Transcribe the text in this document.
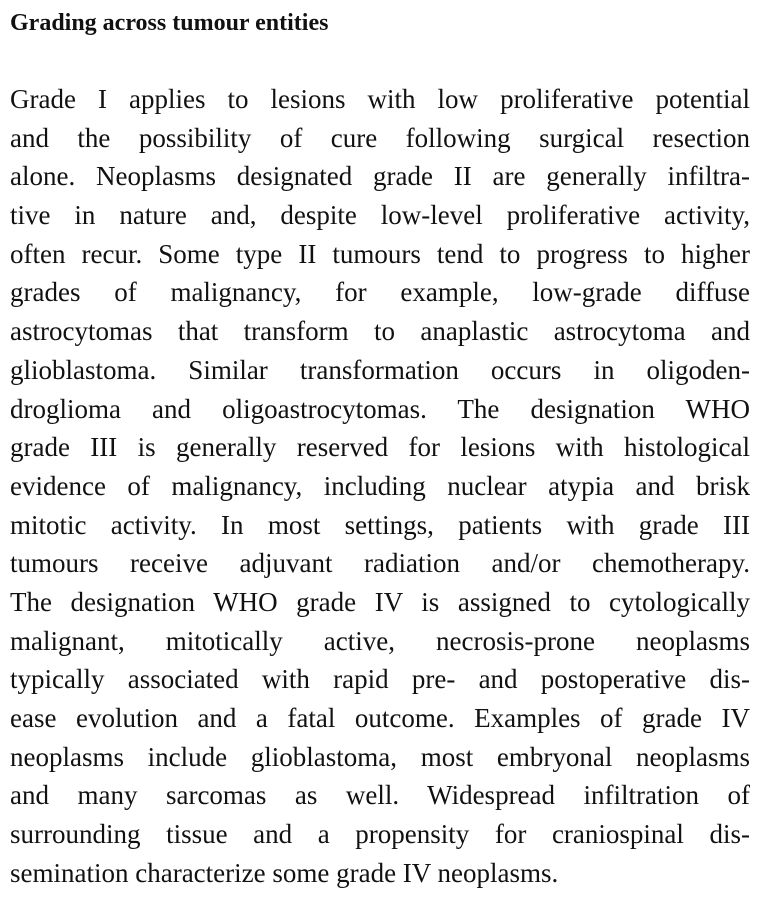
Grading across tumour entities
Grade I applies to lesions with low proliferative potential
and the possibility of cure following surgical resection
alone. Neoplasms designated grade II are generally infiltra-
tive in nature and, despite low-level proliferative activity,
often recur. Some type II tumours tend to progress to higher
grades of malignancy, for example, low-grade diffuse
astrocytomas that transform to anaplastic astrocytoma and
glioblastoma. Similar transformation occurs in oligoden-
droglioma and oligoastrocytomas. The designation WHO
grade III is generally reserved for lesions with histological
evidence of malignancy, including nuclear atypia and brisk
mitotic activity. In most settings, patients with grade III
tumours receive adjuvant radiation and/or chemotherapy.
The designation WHO grade IV is assigned to cytologically
malignant, mitotically active, necrosis-prone neoplasms
typically associated with rapid pre- and postoperative dis-
ease evolution and a fatal outcome. Examples of grade IV
neoplasms include glioblastoma, most embryonal neoplasms
and many sarcomas as well. Widespread infiltration of
surrounding tissue and a propensity for craniospinal dis-
semination characterize some grade IV neoplasms.
